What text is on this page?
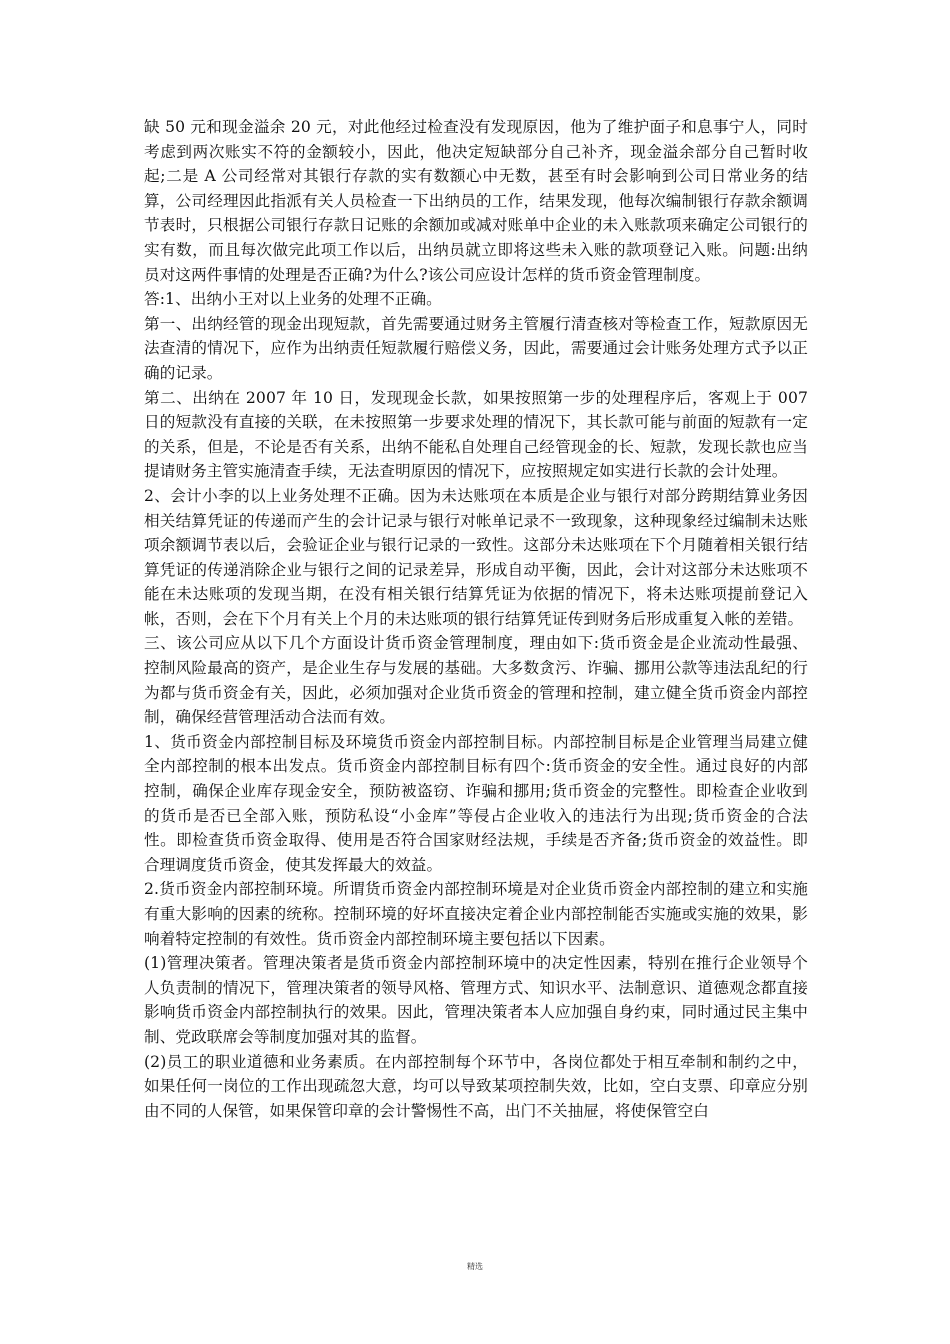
缺 50 元和现金溢余 20 元，对此他经过检查没有发现原因，他为了维护面子和息事宁人，同时考虑到两次账实不符的金额较小，因此，他决定短缺部分自己补齐，现金溢余部分自己暂时收起;二是 A 公司经常对其银行存款的实有数额心中无数，甚至有时会影响到公司日常业务的结算，公司经理因此指派有关人员检查一下出纳员的工作，结果发现，他每次编制银行存款余额调节表时，只根据公司银行存款日记账的余额加或减对账单中企业的未入账款项来确定公司银行的实有数，而且每次做完此项工作以后，出纳员就立即将这些未入账的款项登记入账。问题:出纳员对这两件事情的处理是否正确?为什么?该公司应设计怎样的货币资金管理制度。

答:1、出纳小王对以上业务的处理不正确。

第一、出纳经管的现金出现短款，首先需要通过财务主管履行清查核对等检查工作，短款原因无法查清的情况下，应作为出纳责任短款履行赔偿义务，因此，需要通过会计账务处理方式予以正确的记录。

第二、出纳在 2007 年 10 日，发现现金长款，如果按照第一步的处理程序后，客观上于 007日的短款没有直接的关联，在未按照第一步要求处理的情况下，其长款可能与前面的短款有一定的关系，但是，不论是否有关系，出纳不能私自处理自己经管现金的长、短款，发现长款也应当提请财务主管实施清查手续，无法查明原因的情况下，应按照规定如实进行长款的会计处理。

2、会计小李的以上业务处理不正确。因为未达账项在本质是企业与银行对部分跨期结算业务因相关结算凭证的传递而产生的会计记录与银行对帐单记录不一致现象，这种现象经过编制未达账项余额调节表以后，会验证企业与银行记录的一致性。这部分未达账项在下个月随着相关银行结算凭证的传递消除企业与银行之间的记录差异，形成自动平衡，因此，会计对这部分未达账项不能在未达账项的发现当期，在没有相关银行结算凭证为依据的情况下，将未达账项提前登记入帐，否则，会在下个月有关上个月的未达账项的银行结算凭证传到财务后形成重复入帐的差错。

三、该公司应从以下几个方面设计货币资金管理制度，理由如下:货币资金是企业流动性最强、控制风险最高的资产，是企业生存与发展的基础。大多数贪污、诈骗、挪用公款等违法乱纪的行为都与货币资金有关，因此，必须加强对企业货币资金的管理和控制，建立健全货币资金内部控制，确保经营管理活动合法而有效。

1、货币资金内部控制目标及环境货币资金内部控制目标。内部控制目标是企业管理当局建立健全内部控制的根本出发点。货币资金内部控制目标有四个:货币资金的安全性。通过良好的内部控制，确保企业库存现金安全，预防被盗窃、诈骗和挪用;货币资金的完整性。即检查企业收到的货币是否已全部入账，预防私设“小金库”等侵占企业收入的违法行为出现;货币资金的合法性。即检查货币资金取得、使用是否符合国家财经法规，手续是否齐备;货币资金的效益性。即合理调度货币资金，使其发挥最大的效益。

2.货币资金内部控制环境。所谓货币资金内部控制环境是对企业货币资金内部控制的建立和实施有重大影响的因素的统称。控制环境的好坏直接决定着企业内部控制能否实施或实施的效果，影响着特定控制的有效性。货币资金内部控制环境主要包括以下因素。

(1)管理决策者。管理决策者是货币资金内部控制环境中的决定性因素，特别在推行企业领导个人负责制的情况下，管理决策者的领导风格、管理方式、知识水平、法制意识、道德观念都直接影响货币资金内部控制执行的效果。因此，管理决策者本人应加强自身约束，同时通过民主集中制、党政联席会等制度加强对其的监督。

(2)员工的职业道德和业务素质。在内部控制每个环节中，各岗位都处于相互牵制和制约之中，如果任何一岗位的工作出现疏忽大意，均可以导致某项控制失效，比如，空白支票、印章应分别由不同的人保管，如果保管印章的会计警惕性不高，出门不关抽屉，将使保管空白

精选
